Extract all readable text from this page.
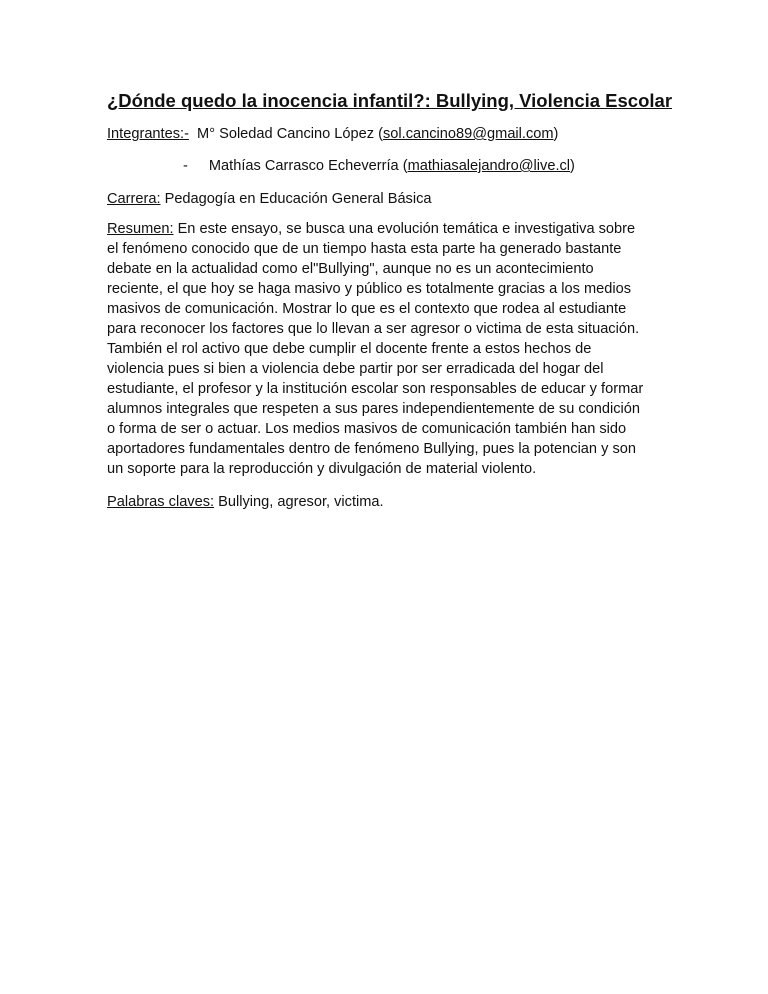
¿Dónde quedo la inocencia infantil?: Bullying, Violencia Escolar
Integrantes:- M° Soledad Cancino López (sol.cancino89@gmail.com)
- Mathías Carrasco Echeverría (mathiasalejandro@live.cl)
Carrera: Pedagogía en Educación General Básica
Resumen: En este ensayo, se busca una evolución temática e investigativa sobre
el fenómeno conocido que de un tiempo hasta esta parte ha generado bastante
debate en la actualidad como el"Bullying", aunque no es un acontecimiento
reciente, el que hoy se haga masivo y público es totalmente gracias a los medios
masivos de comunicación. Mostrar lo que es el contexto que rodea al estudiante
para reconocer los factores que lo llevan a ser agresor o victima de esta situación.
También el rol activo que debe cumplir el docente frente a estos hechos de
violencia pues si bien a violencia debe partir por ser erradicada del hogar del
estudiante, el profesor y la institución escolar son responsables de educar y formar
alumnos integrales que respeten a sus pares independientemente de su condición
o forma de ser o actuar. Los medios masivos de comunicación también han sido
aportadores fundamentales dentro de fenómeno Bullying, pues la potencian y son
un soporte para la reproducción y divulgación de material violento.
Palabras claves: Bullying, agresor, victima.
